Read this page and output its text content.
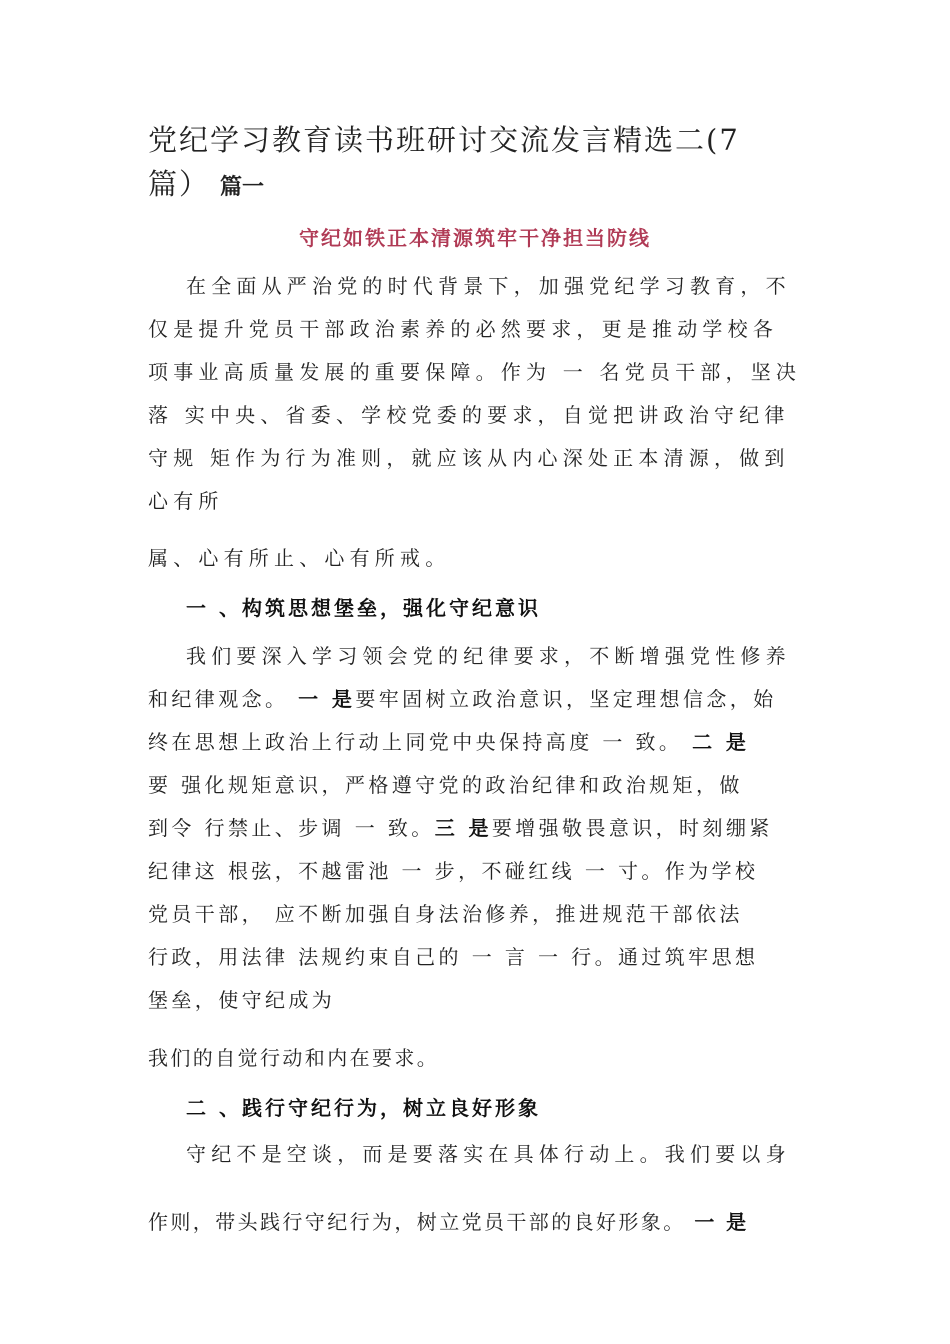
党纪学习教育读书班研讨交流发言精选二(7
篇） 篇一
守纪如铁正本清源筑牢干净担当防线
在全面从严治党的时代背景下，加强党纪学习教育，不
仅是提升党员干部政治素养的必然要求，更是推动学校各
项事业高质量发展的重要保障。作为 一 名党员干部，坚决
落 实中央、省委、学校党委的要求，自觉把讲政治守纪律
守规 矩作为行为准则，就应该从内心深处正本清源，做到
心有所
属、心有所止、心有所戒。
一 、构筑思想堡垒，强化守纪意识
我们要深入学习领会党的纪律要求，不断增强党性修养
和纪律观念。 一 是要牢固树立政治意识，坚定理想信念，始
终在思想上政治上行动上同党中央保持高度 一 致。 二 是
要 强化规矩意识，严格遵守党的政治纪律和政治规矩，做
到令 行禁止、步调 一 致。三 是要增强敬畏意识，时刻绷紧
纪律这 根弦，不越雷池 一 步，不碰红线 一 寸。作为学校
党员干部， 应不断加强自身法治修养，推进规范干部依法
行政，用法律 法规约束自己的 一 言 一 行。通过筑牢思想
堡垒，使守纪成为
我们的自觉行动和内在要求。
二 、践行守纪行为，树立良好形象
守纪不是空谈，而是要落实在具体行动上。我们要以身
作则，带头践行守纪行为，树立党员干部的良好形象。 一 是
